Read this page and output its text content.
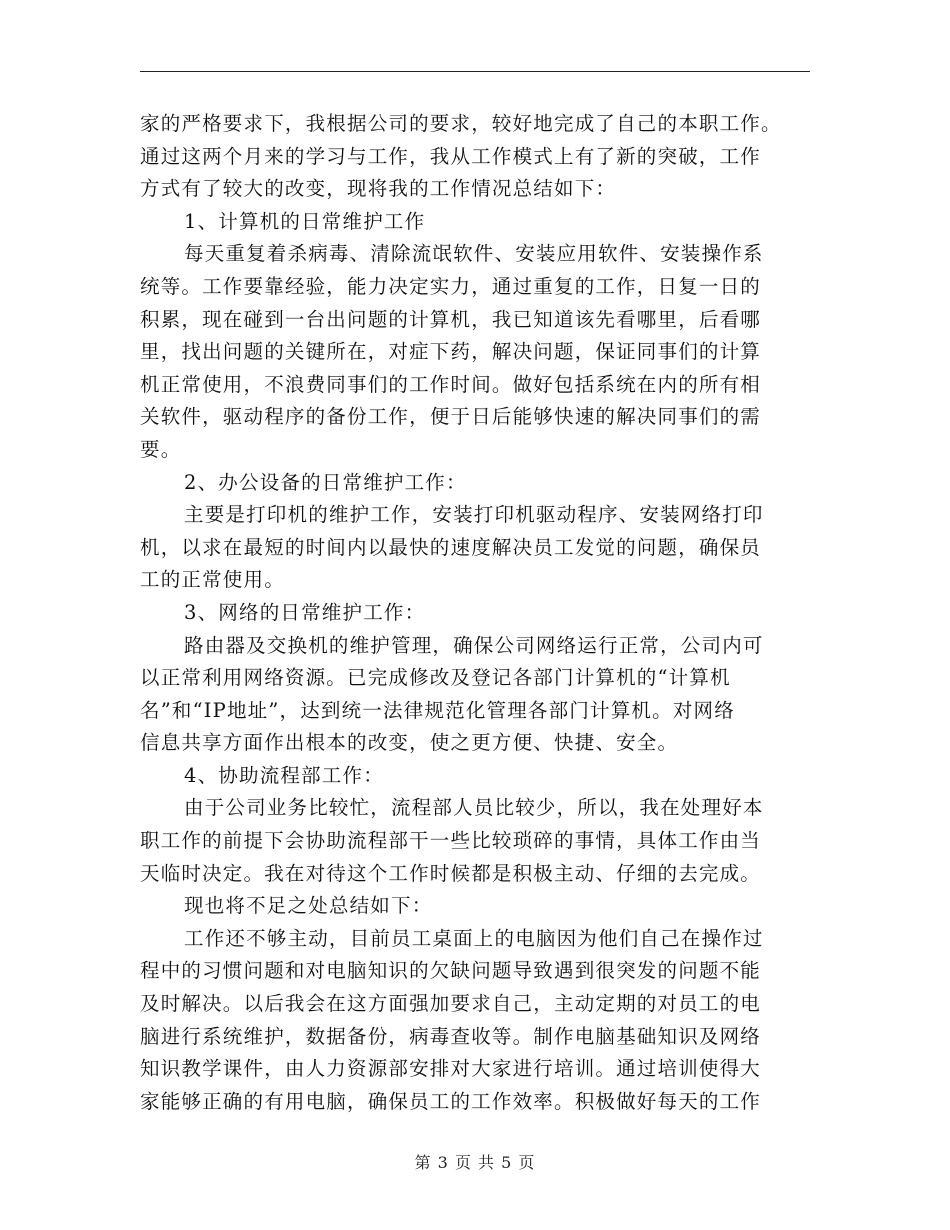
家的严格要求下，我根据公司的要求，较好地完成了自己的本职工作。
通过这两个月来的学习与工作，我从工作模式上有了新的突破，工作
方式有了较大的改变，现将我的工作情况总结如下：
1、计算机的日常维护工作
每天重复着杀病毒、清除流氓软件、安装应用软件、安装操作系
统等。工作要靠经验，能力决定实力，通过重复的工作，日复一日的
积累，现在碰到一台出问题的计算机，我已知道该先看哪里，后看哪
里，找出问题的关键所在，对症下药，解决问题，保证同事们的计算
机正常使用，不浪费同事们的工作时间。做好包括系统在内的所有相
关软件，驱动程序的备份工作，便于日后能够快速的解决同事们的需
要。
2、办公设备的日常维护工作：
主要是打印机的维护工作，安装打印机驱动程序、安装网络打印
机，以求在最短的时间内以最快的速度解决员工发觉的问题，确保员
工的正常使用。
3、网络的日常维护工作：
路由器及交换机的维护管理，确保公司网络运行正常，公司内可
以正常利用网络资源。已完成修改及登记各部门计算机的“计算机
名”和“IP地址”，达到统一法律规范化管理各部门计算机。对网络
信息共享方面作出根本的改变，使之更方便、快捷、安全。
4、协助流程部工作：
由于公司业务比较忙，流程部人员比较少，所以，我在处理好本
职工作的前提下会协助流程部干一些比较琐碎的事情，具体工作由当
天临时决定。我在对待这个工作时候都是积极主动、仔细的去完成。
现也将不足之处总结如下：
工作还不够主动，目前员工桌面上的电脑因为他们自己在操作过
程中的习惯问题和对电脑知识的欠缺问题导致遇到很突发的问题不能
及时解决。以后我会在这方面强加要求自己，主动定期的对员工的电
脑进行系统维护，数据备份，病毒查收等。制作电脑基础知识及网络
知识教学课件，由人力资源部安排对大家进行培训。通过培训使得大
家能够正确的有用电脑，确保员工的工作效率。积极做好每天的工作
第 3 页 共 5 页
